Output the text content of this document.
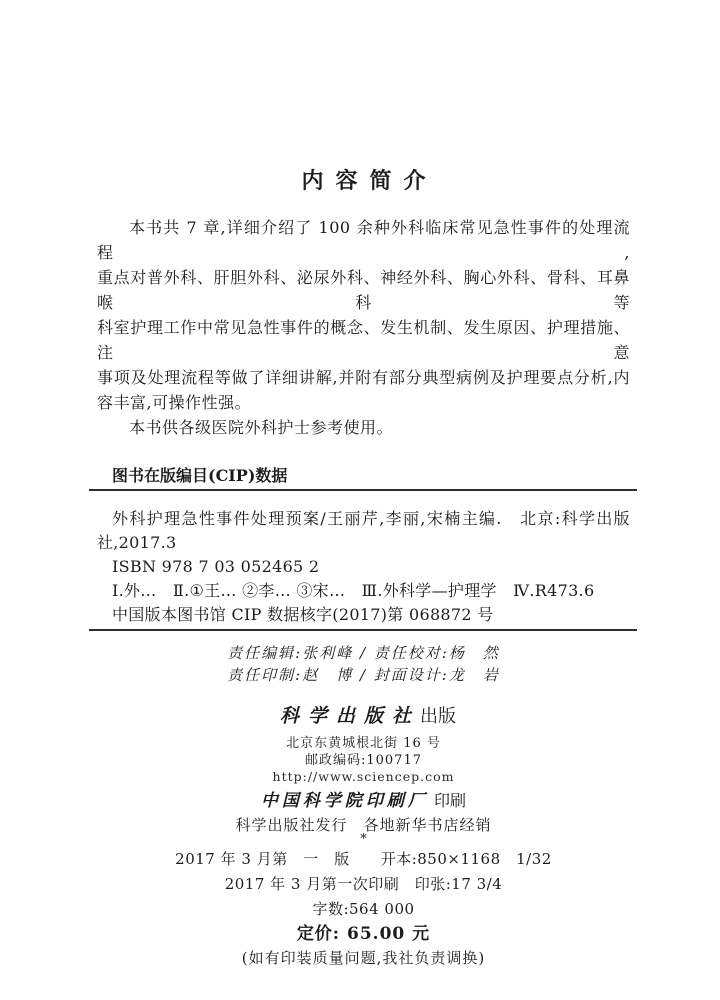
内容简介
本书共 7 章,详细介绍了 100 余种外科临床常见急性事件的处理流程,
重点对普外科、肝胆外科、泌尿外科、神经外科、胸心外科、骨科、耳鼻喉科等
科室护理工作中常见急性事件的概念、发生机制、发生原因、护理措施、注意
事项及处理流程等做了详细讲解,并附有部分典型病例及护理要点分析,内
容丰富,可操作性强。
本书供各级医院外科护士参考使用。
图书在版编目(CIP)数据
外科护理急性事件处理预案/王丽芹,李丽,宋楠主编.　北京:科学出版
社,2017.3
ISBN 978 7 03 052465 2
Ⅰ.外…　Ⅱ.①王… ②李… ③宋…　Ⅲ.外科学—护理学　Ⅳ.R473.6
中国版本图书馆 CIP 数据核字(2017)第 068872 号
责任编辑:张利峰 / 责任校对:杨　然
责任印制:赵　博 / 封面设计:龙　岩
科学出版社出版
北京东黄城根北街 16 号
邮政编码:100717
http://www.sciencep.com
中国科学院印刷厂 印刷
科学出版社发行　各地新华书店经销
*
2017 年 3 月第　一　版　　开本:850×1168　1/32
2017 年 3 月第一次印刷　印张:17 3/4
字数:564 000
定价: 65.00 元
(如有印装质量问题,我社负责调换)
